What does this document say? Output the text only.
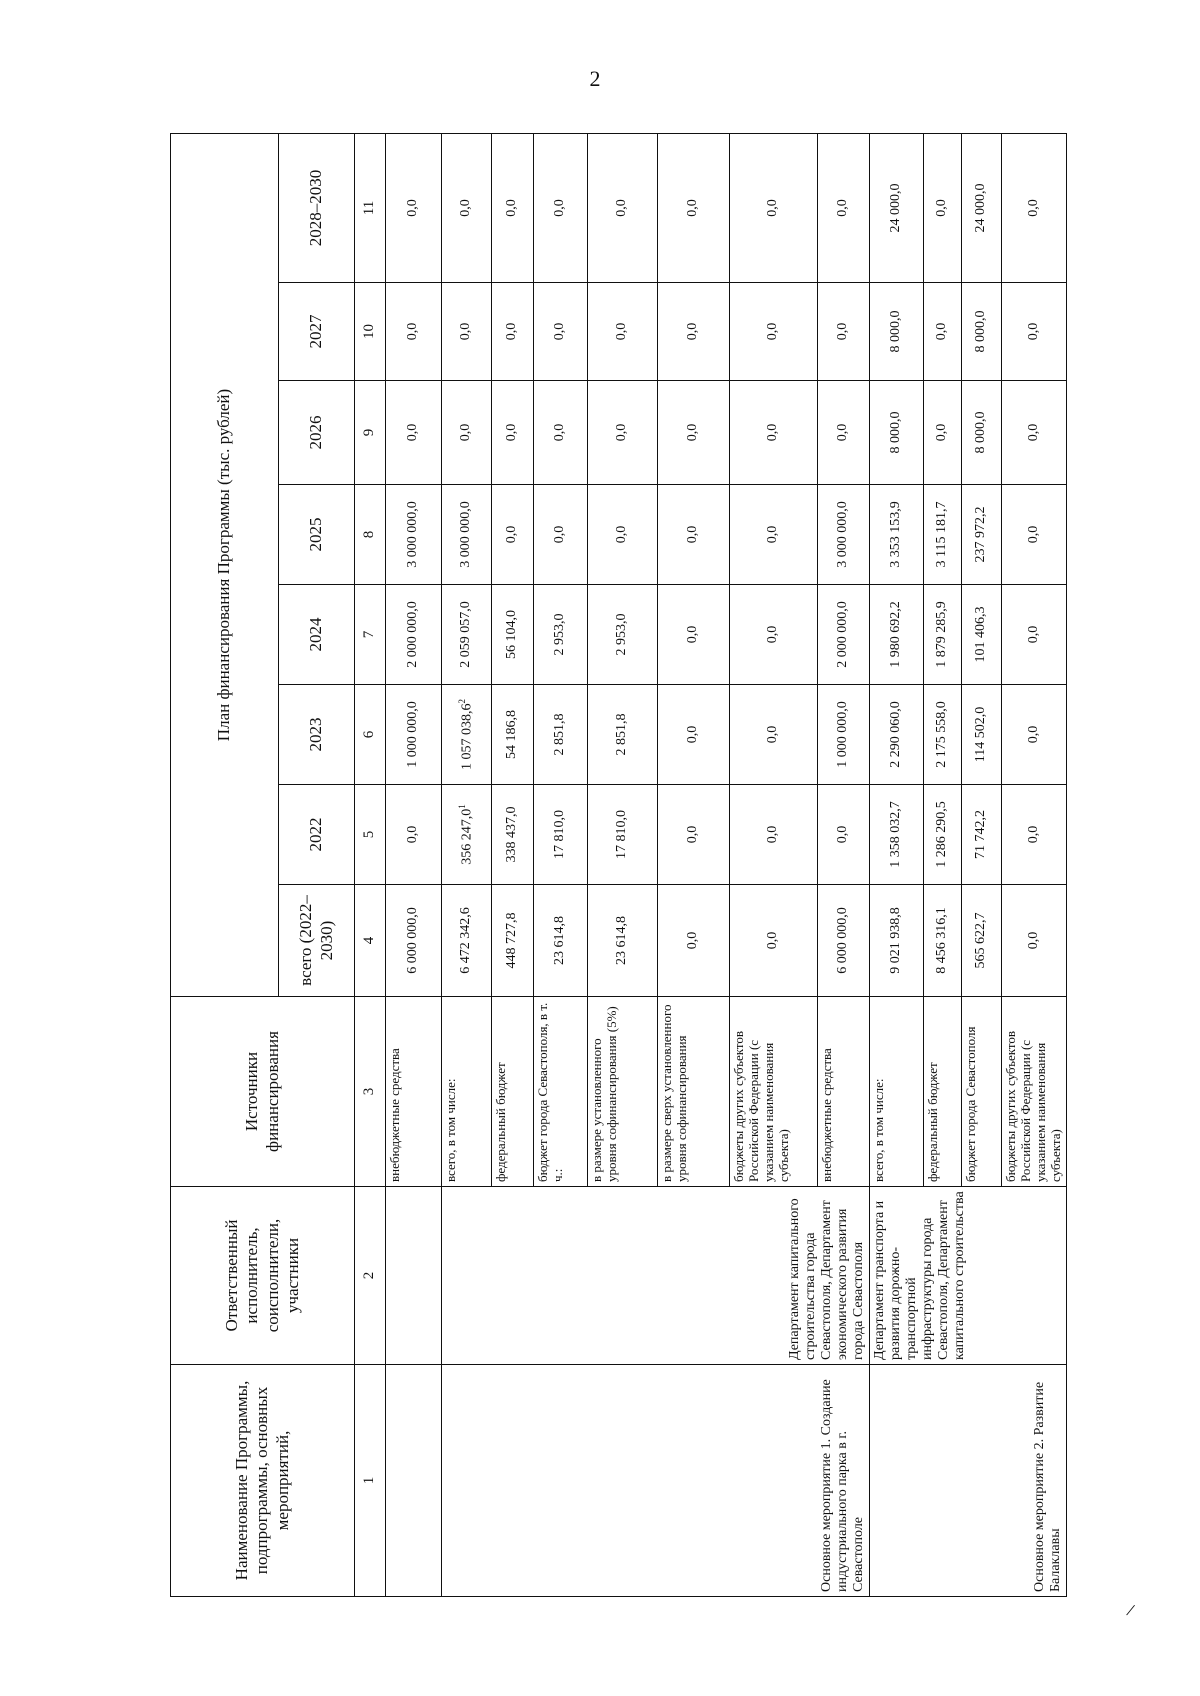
2
/
Наименование Программы, подпрограммы, основных мероприятий,	Ответственный исполнитель, соисполнители, участники	Источники финансирования	План финансирования Программы (тыс. рублей)							
			всего (2022–2030)	2022	2023	2024	2025	2026	2027	2028–2030
1	2	3	4	5	6	7	8	9	10	11
		внебюджетные средства	6 000 000,0	0,0	1 000 000,0	2 000 000,0	3 000 000,0	0,0	0,0	0,0
Основное мероприятие 1. Создание индустриального парка в г. Севастополе	Департамент капитального строительства города Севастополя, Департамент экономического развития города Севастополя	всего, в том числе:	6 472 342,6	356 247,0$^1$	1 057 038,6$^2$	2 059 057,0	3 000 000,0	0,0	0,0	0,0
		федеральный бюджет	448 727,8	338 437,0	54 186,8	56 104,0	0,0	0,0	0,0	0,0
		бюджет города Севастополя, в т. ч.:	23 614,8	17 810,0	2 851,8	2 953,0	0,0	0,0	0,0	0,0
		в размере установленного уровня софинансирования (5%)	23 614,8	17 810,0	2 851,8	2 953,0	0,0	0,0	0,0	0,0
		в размере сверх установленного уровня софинансирования	0,0	0,0	0,0	0,0	0,0	0,0	0,0	0,0
		бюджеты других субъектов Российской Федерации (с указанием наименования субъекта)	0,0	0,0	0,0	0,0	0,0	0,0	0,0	0,0
		внебюджетные средства	6 000 000,0	0,0	1 000 000,0	2 000 000,0	3 000 000,0	0,0	0,0	0,0
Основное мероприятие 2. Развитие Балаклавы	Департамент транспорта и развития дорожно-транспортной инфраструктуры города Севастополя, Департамент капитального строительства	всего, в том числе:	9 021 938,8	1 358 032,7	2 290 060,0	1 980 692,2	3 353 153,9	8 000,0	8 000,0	24 000,0
		федеральный бюджет	8 456 316,1	1 286 290,5	2 175 558,0	1 879 285,9	3 115 181,7	0,0	0,0	0,0
		бюджет города Севастополя	565 622,7	71 742,2	114 502,0	101 406,3	237 972,2	8 000,0	8 000,0	24 000,0
		бюджеты других субъектов Российской Федерации (с указанием наименования субъекта)	0,0	0,0	0,0	0,0	0,0	0,0	0,0	0,0
